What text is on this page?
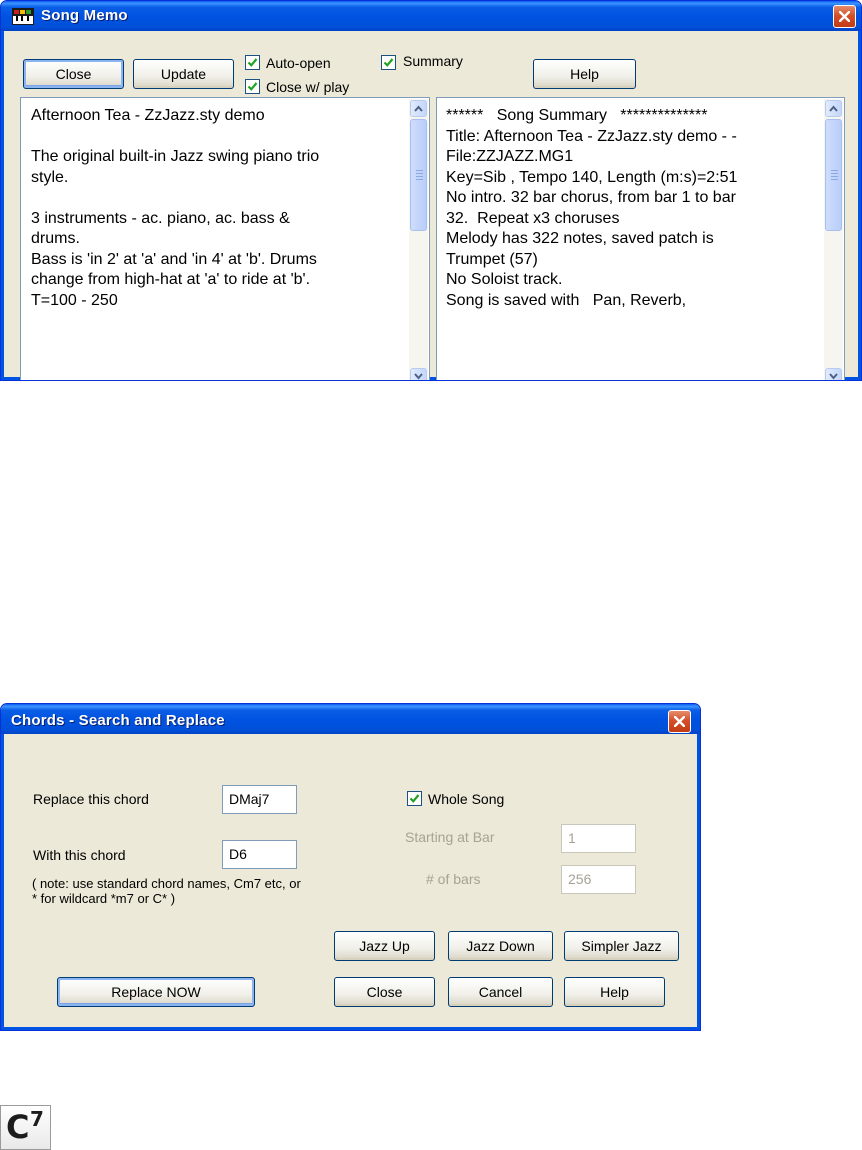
Song Memo
Close	Update
Auto-open
Close w/ play
Summary
Help
Afternoon Tea - ZzJazz.sty demo
The original built-in Jazz swing piano trio
style.
3 instruments - ac. piano, ac. bass &
drums.
Bass is 'in 2' at 'a' and 'in 4' at 'b'. Drums
change from high-hat at 'a' to ride at 'b'.
T=100 - 250
******   Song Summary   **************
Title: Afternoon Tea - ZzJazz.sty demo - -
File:ZZJAZZ.MG1
Key=Sib , Tempo 140, Length (m:s)=2:51
No intro. 32 bar chorus, from bar 1 to bar
32.  Repeat x3 choruses
Melody has 322 notes, saved patch is
Trumpet (57)
No Soloist track.
Song is saved with   Pan, Reverb,
Chords - Search and Replace
Replace this chord	DMaj7
With this chord	D6
( note: use standard chord names, Cm7 etc, or
* for wildcard *m7 or C* )
Whole Song
Starting at Bar	1
# of bars	256
Jazz Up	Jazz Down	Simpler Jazz
Replace NOW	Close	Cancel	Help
C 7
